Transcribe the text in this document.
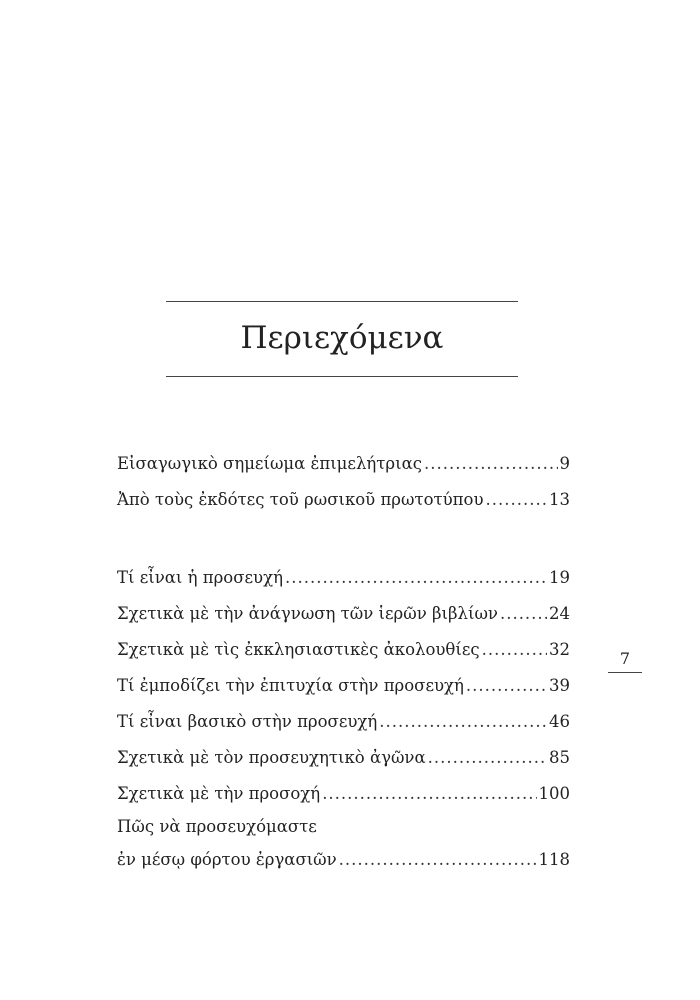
Περιεχόμενα
Εἰσαγωγικὸ σημείωμα ἐπιμελήτριας .....	9
Ἀπὸ τοὺς ἐκδότες τοῦ ρωσικοῦ πρωτοτύπου .....	13
Τί εἶναι ἡ προσευχή .....	19
Σχετικὰ μὲ τὴν ἀνάγνωση τῶν ἱερῶν βιβλίων .....	24
Σχετικὰ μὲ τὶς ἐκκλησιαστικὲς ἀκολουθίες .....	32
Τί ἐμποδίζει τὴν ἐπιτυχία στὴν προσευχή .....	39
Τί εἶναι βασικὸ στὴν προσευχή .....	46
Σχετικὰ μὲ τὸν προσευχητικὸ ἀγῶνα .....	85
Σχετικὰ μὲ τὴν προσοχή .....	100
Πῶς νὰ προσευχόμαστε
ἐν μέσῳ φόρτου ἐργασιῶν .....	118
7
